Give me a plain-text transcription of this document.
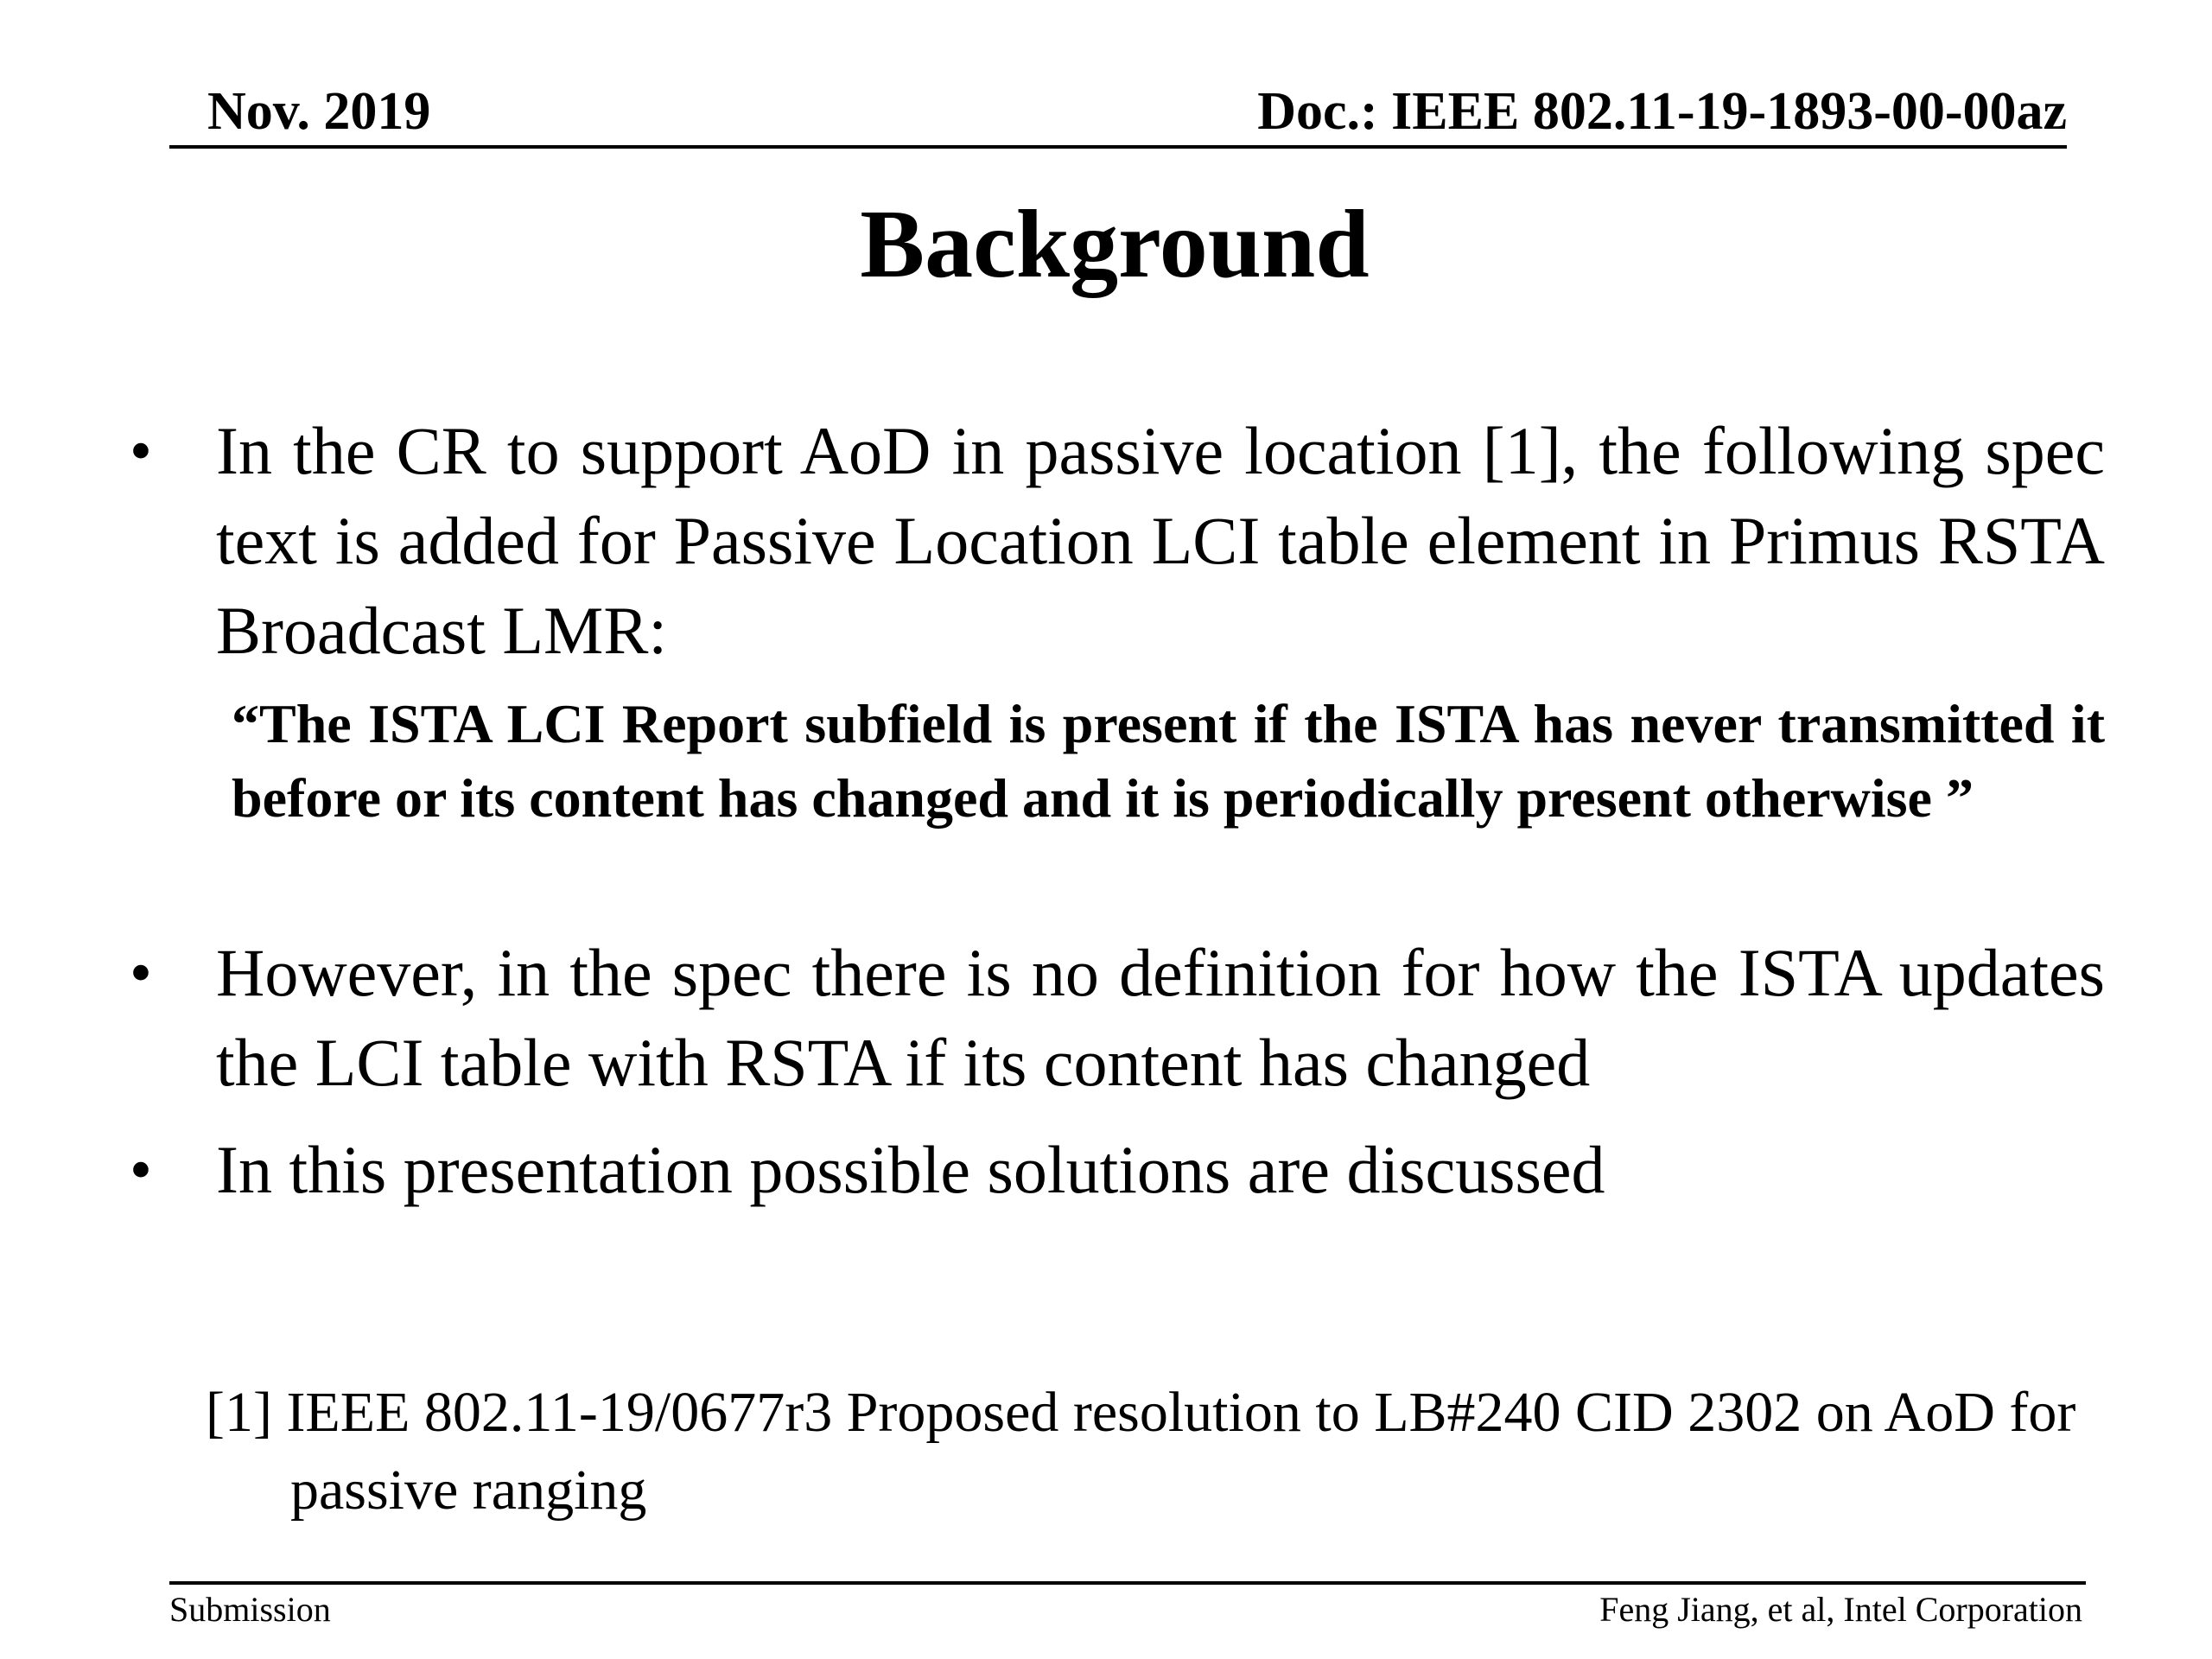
Nov. 2019	Doc.: IEEE 802.11-19-1893-00-00az
Background
• In the CR to support AoD in passive location [1], the following spec text is added for Passive Location LCI table element in Primus RSTA Broadcast LMR:
“The ISTA LCI Report subfield is present if the ISTA has never transmitted it before or its content has changed and it is periodically present otherwise ”
• However, in the spec there is no definition for how the ISTA updates the LCI table with RSTA if its content has changed
• In this presentation possible solutions are discussed
[1] IEEE 802.11-19/0677r3 Proposed resolution to LB#240 CID 2302 on AoD for passive ranging
Submission	Feng Jiang, et al, Intel Corporation
